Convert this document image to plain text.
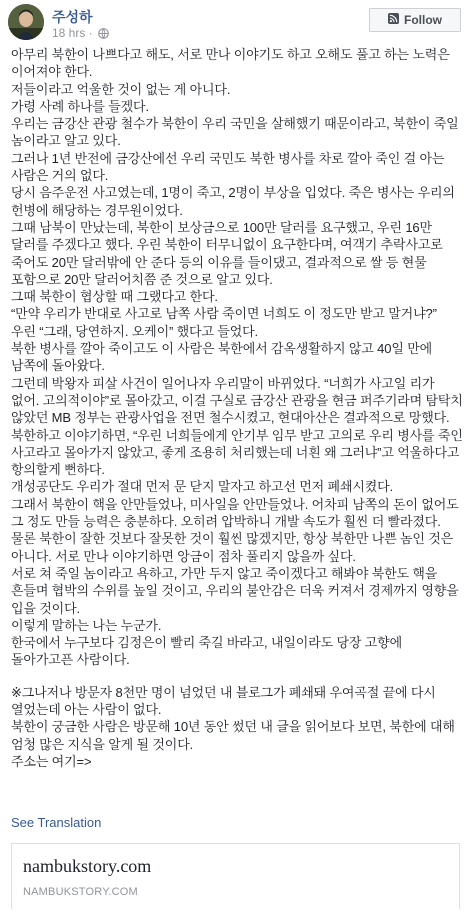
주성하
18 hrs ·
Follow

아무리 북한이 나쁘다고 해도, 서로 만나 이야기도 하고 오해도 풀고 하는 노력은 이어져야 한다.

저들이라고 억울한 것이 없는 게 아니다.

가령 사례 하나를 들겠다.

우리는 금강산 관광 철수가 북한이 우리 국민을 살해했기 때문이라고, 북한이 죽일 놈이라고 알고 있다.

그러나 1년 반전에 금강산에선 우리 국민도 북한 병사를 차로 깔아 죽인 걸 아는 사람은 거의 없다.

당시 음주운전 사고였는데, 1명이 죽고, 2명이 부상을 입었다. 죽은 병사는 우리의 헌병에 해당하는 경무원이었다.

그때 남북이 만났는데, 북한이 보상금으로 100만 달러를 요구했고, 우린 16만 달러를 주겠다고 했다. 우린 북한이 터무니없이 요구한다며, 여객기 추락사고로 죽어도 20만 달러밖에 안 준다 등의 이유를 들이댔고, 결과적으로 쌀 등 현물 포함으로 20만 달러어치쯤 준 것으로 알고 있다.

그때 북한이 협상할 때 그랬다고 한다.

“만약 우리가 반대로 사고로 남쪽 사람 죽이면 너희도 이 정도만 받고 말거냐?”

우린 “그래, 당연하지. 오케이” 했다고 들었다.

북한 병사를 깔아 죽이고도 이 사람은 북한에서 감옥생활하지 않고 40일 만에 남쪽에 돌아왔다.

그런데 박왕자 피살 사건이 일어나자 우리말이 바뀌었다. “너희가 사고일 리가 없어. 고의적이야”로 몰아갔고, 이걸 구실로 금강산 관광을 현금 퍼주기라며 탐탁치 않았던 MB 정부는 관광사업을 전면 철수시켰고, 현대아산은 결과적으로 망했다.

북한하고 이야기하면, “우린 너희들에게 안기부 임무 받고 고의로 우리 병사를 죽인 사고라고 몰아가지 않았고, 좋게 조용히 처리했는데 너흰 왜 그러냐”고 억울하다고 항의할게 뻔하다.

개성공단도 우리가 절대 먼저 문 닫지 말자고 하고선 먼저 폐쇄시켰다.

그래서 북한이 핵을 안만들었나, 미사일을 안만들었나. 어차피 남쪽의 돈이 없어도 그 정도 만들 능력은 충분하다. 오히려 압박하니 개발 속도가 훨씬 더 빨라졌다.

물론 북한이 잘한 것보다 잘못한 것이 훨씬 많겠지만, 항상 북한만 나쁜 놈인 것은 아니다. 서로 만나 이야기하면 앙금이 점차 풀리지 않을까 싶다.

서로 쳐 죽일 놈이라고 욕하고, 가만 두지 않고 죽이겠다고 해봐야 북한도 핵을 흔들며 협박의 수위를 높일 것이고, 우리의 불안감은 더욱 커져서 경제까지 영향을 입을 것이다.

이렇게 말하는 나는 누군가.

한국에서 누구보다 김정은이 빨리 죽길 바라고, 내일이라도 당장 고향에 돌아가고픈 사람이다.

※그나저나 방문자 8천만 명이 넘었던 내 블로그가 폐쇄돼 우여곡절 끝에 다시 열었는데 아는 사람이 없다.

북한이 궁금한 사람은 방문해 10년 동안 썼던 내 글을 읽어보다 보면, 북한에 대해 엄청 많은 지식을 알게 될 것이다.

주소는 여기=>

See Translation
nambukstory.com
NAMBUKSTORY.COM
